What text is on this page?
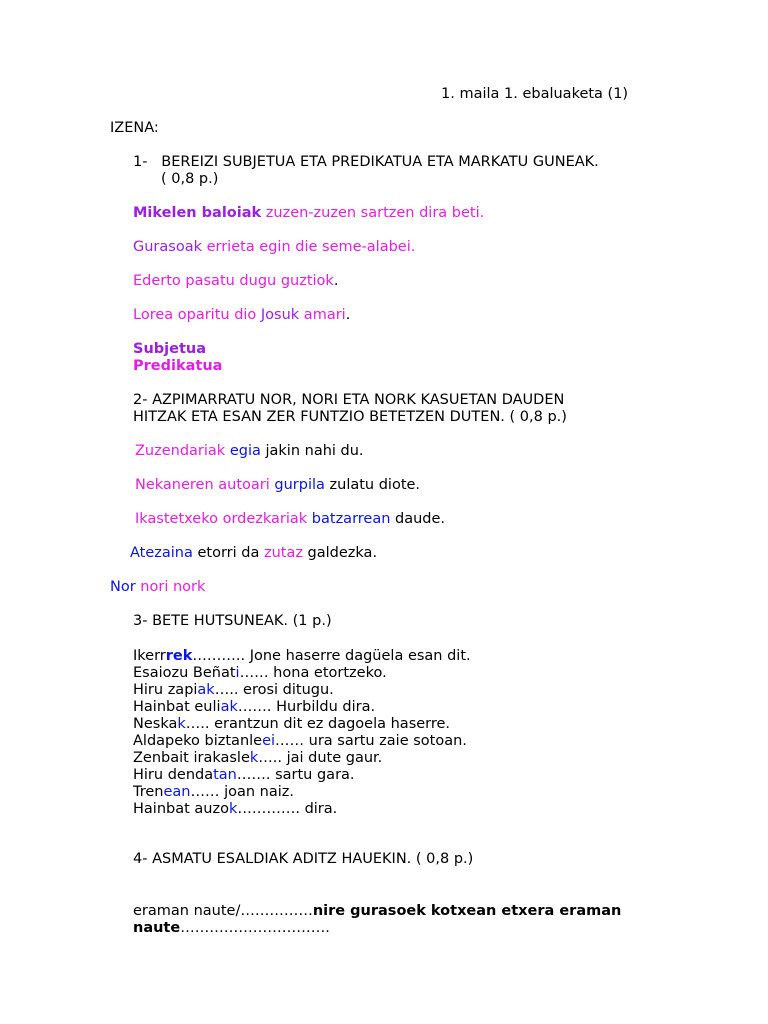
1. maila 1. ebaluaketa (1)
IZENA:
1- BEREIZI SUBJETUA ETA PREDIKATUA ETA MARKATU GUNEAK.
( 0,8 p.)
Mikelen baloiak zuzen-zuzen sartzen dira beti.
Gurasoak errieta egin die seme-alabei.
Ederto pasatu dugu guztiok.
Lorea oparitu dio Josuk amari.
Subjetua
Predikatua
2- AZPIMARRATU NOR, NORI ETA NORK KASUETAN DAUDEN
HITZAK ETA ESAN ZER FUNTZIO BETETZEN DUTEN. ( 0,8 p.)
Zuzendariak egia jakin nahi du.
Nekaneren autoari gurpila zulatu diote.
Ikastetxeko ordezkariak batzarrean daude.
Atezaina etorri da zutaz galdezka.
Nor nori nork
3- BETE HUTSUNEAK. (1 p.)
Ikerrrek……….. Jone haserre dagüela esan dit.
Esaiozu Beñati…… hona etortzeko.
Hiru zapiak….. erosi ditugu.
Hainbat euliak……. Hurbildu dira.
Neskak….. erantzun dit ez dagoela haserre.
Aldapeko biztanleei…… ura sartu zaie sotoan.
Zenbait irakaslek….. jai dute gaur.
Hiru dendatan……. sartu gara.
Trenean…… joan naiz.
Hainbat auzok…………. dira.
4- ASMATU ESALDIAK ADITZ HAUEKIN. ( 0,8 p.)
eraman naute/……………nire gurasoek kotxean etxera eraman
naute………………………….
